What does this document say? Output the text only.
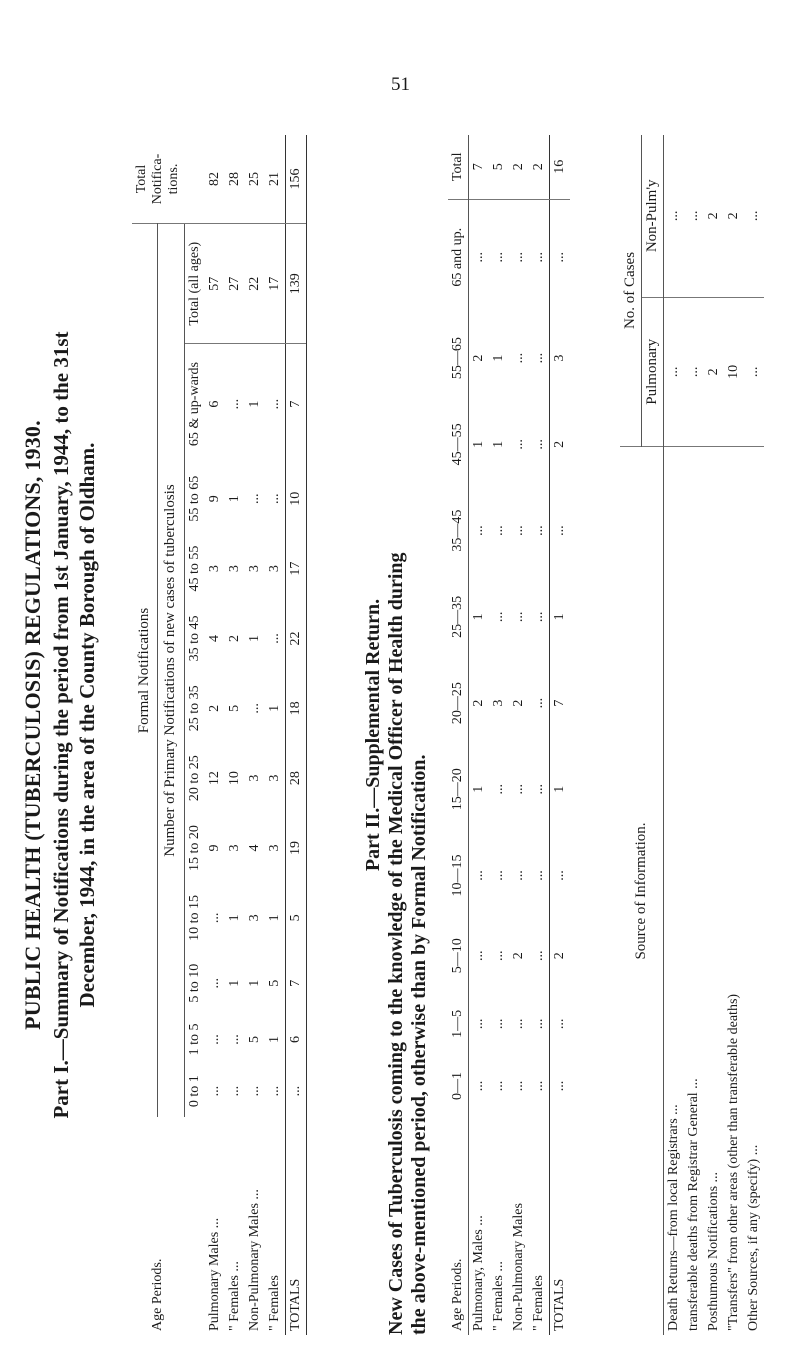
51
PUBLIC HEALTH (TUBERCULOSIS) REGULATIONS, 1930. Part I.—Summary of Notifications during the period from 1st January, 1944, to the 31st December, 1944, in the area of the County Borough of Oldham.
Age Periods.	Formal Notifications												Total Notifica-tions.
	Number of Primary Notifications of new cases of tuberculosis												
	0 to 1	1 to 5	5 to 10	10 to 15	15 to 20	20 to 25	25 to 35	35 to 45	45 to 55	55 to 65	65 & up-wards	Total (all ages)	
Pulmonary Males ...	...	...	...	...	9	12	2	4	3	9	6	57	82
" Females ...	...	...	1	1	3	10	5	2	3	1	...	27	28
Non-Pulmonary Males ...	...	5	1	3	4	3	...	1	3	...	1	22	25
" Females	...	1	5	1	3	3	1	...	3	...	...	17	21
TOTALS	...	6	7	5	19	28	18	22	17	10	7	139	156
Part II.—Supplemental Return. New Cases of Tuberculosis coming to the knowledge of the Medical Officer of Health during the above-mentioned period, otherwise than by Formal Notification. Age Periods.	0—1	1—5	5—10	10—15	15—20	20—25	25—35	35—45	45—55	55—65	65 and up.	Total
Pulmonary, Males ...	...	...	...	...	1	2	1	...	1	2	...	7
" Females ...	...	...	...	...	...	3	...	...	1	1	...	5
Non-Pulmonary Males	...	...	2	...	...	2	...	...	...	...	...	2
" Females	...	...	...	...	...	...	...	...	...	...	...	2
TOTALS	...	...	2	...	1	7	1	...	2	3	...	16
Source of Information.	No. of Cases	
	Pulmonary	Non-Pulm'y
Death Returns—from local Registrars ...	...	...
transferable deaths from Registrar General ...	...	...
Posthumous Notifications ...	2	2
"Transfers" from other areas (other than transferable deaths)	10	2
Other Sources, if any (specify) ...	...	...
